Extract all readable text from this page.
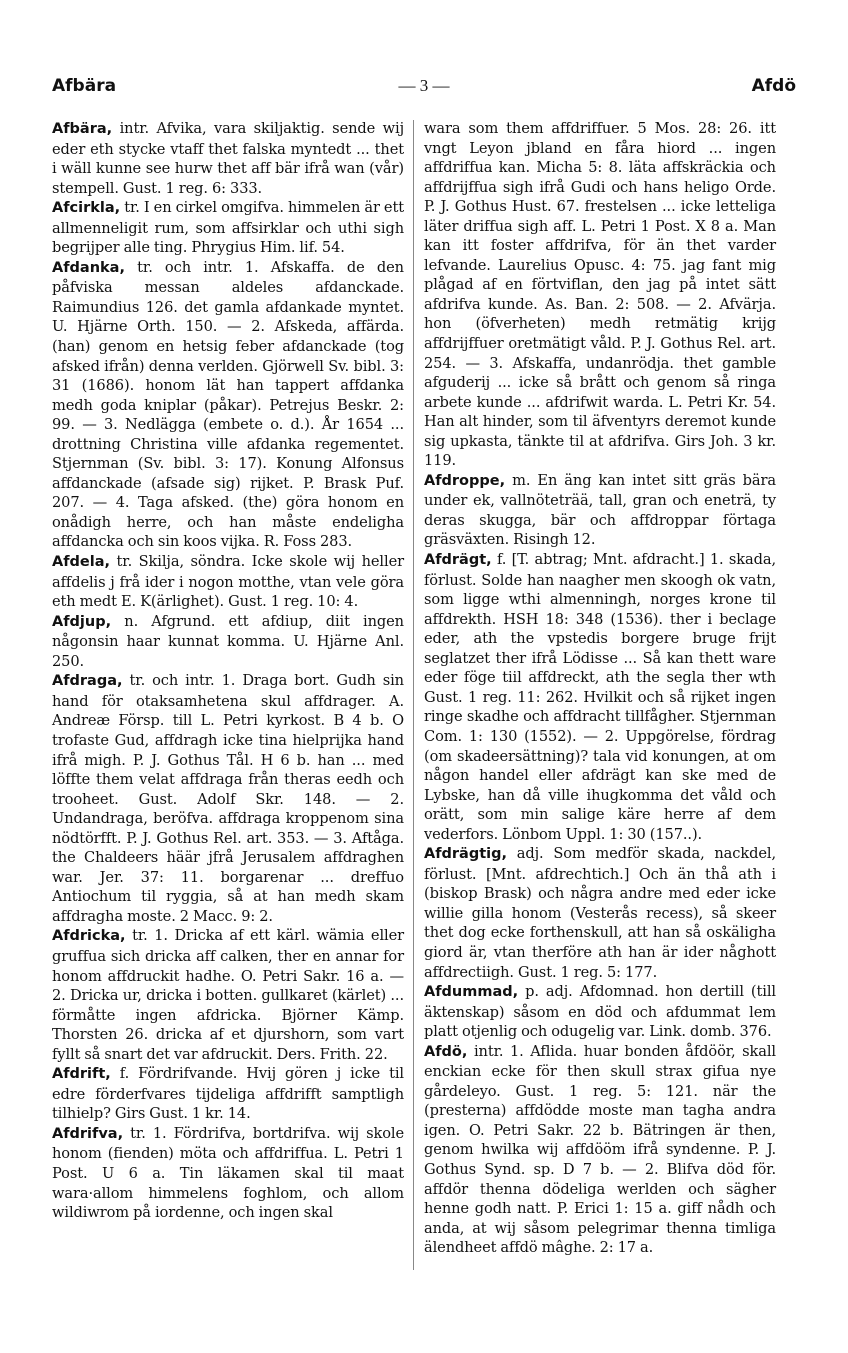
Afbära	— 3 —	Afdö

Afbära, intr. Afvika, vara skiljaktig. sende wij eder eth stycke vtaff thet falska myntedt ... thet i wäll kunne see hurw thet aff bär ifrå wan (vår) stempell. Gust. 1 reg. 6: 333.

Afcirkla, tr. I en cirkel omgifva. himmelen är ett allmenneligit rum, som affsirklar och uthi sigh begrijper alle ting. Phrygius Him. lif. 54.

Afdanka, tr. och intr. 1. Afskaffa. de den påfviska messan aldeles afdanckade. Raimundius 126. det gamla afdankade myntet. U. Hjärne Orth. 150. — 2. Afskeda, affärda. (han) genom en hetsig feber afdanckade (tog afsked ifrån) denna verlden. Gjörwell Sv. bibl. 3: 31 (1686). honom lät han tappert affdanka medh goda kniplar (påkar). Petrejus Beskr. 2: 99. — 3. Nedlägga (embete o. d.). År 1654 ... drottning Christina ville afdanka regementet. Stjernman (Sv. bibl. 3: 17). Konung Alfonsus affdanckade (afsade sig) rijket. P. Brask Puf. 207. — 4. Taga afsked. (the) göra honom en onådigh herre, och han måste endeligha affdancka och sin koos vijka. R. Foss 283.

Afdela, tr. Skilja, söndra. Icke skole wij heller affdelis j frå ider i nogon motthe, vtan vele göra eth medt E. K(ärlighet). Gust. 1 reg. 10: 4.

Afdjup, n. Afgrund. ett afdiup, diit ingen någonsin haar kunnat komma. U. Hjärne Anl. 250.

Afdraga, tr. och intr. 1. Draga bort. Gudh sin hand för otaksamhetena skul affdrager. A. Andreæ Försp. till L. Petri kyrkost. B 4 b. O trofaste Gud, affdragh icke tina hielprijka hand ifrå migh. P. J. Gothus Tål. H 6 b. han ... med löffte them velat affdraga från theras eedh och trooheet. Gust. Adolf Skr. 148. — 2. Undandraga, beröfva. affdraga kroppenom sina nödtörfft. P. J. Gothus Rel. art. 353. — 3. Aftåga. the Chaldeers häär jfrå Jerusalem affdraghen war. Jer. 37: 11. borgarenar ... dreffuo Antiochum til ryggia, så at han medh skam affdragha moste. 2 Macc. 9: 2.

Afdricka, tr. 1. Dricka af ett kärl. wämia eller gruffua sich dricka aff calken, ther en annar for honom affdruckit hadhe. O. Petri Sakr. 16 a. — 2. Dricka ur, dricka i botten. gullkaret (kärlet) ... förmåtte ingen afdricka. Björner Kämp. Thorsten 26. dricka af et djurshorn, som vart fyllt så snart det var afdruckit. Ders. Frith. 22.

Afdrift, f. Fördrifvande. Hvij gören j icke til edre förderfvares tijdeliga affdrifft samptligh tilhielp? Girs Gust. 1 kr. 14.

Afdrifva, tr. 1. Fördrifva, bortdrifva. wij skole honom (fienden) möta och affdriffua. L. Petri 1 Post. U 6 a. Tin läkamen skal til maat wara·allom himmelens foghlom, och allom wildiwrom på iordenne, och ingen skal

wara som them affdriffuer. 5 Mos. 28: 26. itt vngt Leyon jbland en fåra hiord ... ingen affdriffua kan. Micha 5: 8. läta affskräckia och affdrijffua sigh ifrå Gudi och hans heligo Orde. P. J. Gothus Hust. 67. frestelsen ... icke letteliga läter driffua sigh aff. L. Petri 1 Post. X 8 a. Man kan itt foster affdrifva, för än thet varder lefvande. Laurelius Opusc. 4: 75. jag fant mig plågad af en förtviflan, den jag på intet sätt afdrifva kunde. As. Ban. 2: 508. — 2. Afvärja. hon (öfverheten) medh retmätig krijg affdrijffuer oretmätigt våld. P. J. Gothus Rel. art. 254. — 3. Afskaffa, undanrödja. thet gamble afguderij ... icke så brått och genom så ringa arbete kunde ... afdrifwit warda. L. Petri Kr. 54. Han alt hinder, som til äfventyrs deremot kunde sig upkasta, tänkte til at afdrifva. Girs Joh. 3 kr. 119.

Afdroppe, m. En äng kan intet sitt gräs bära under ek, vallnöteträä, tall, gran och eneträ, ty deras skugga, bär och affdroppar förtaga gräsväxten. Risingh 12.

Afdrägt, f. [T. abtrag; Mnt. afdracht.] 1. skada, förlust. Solde han naagher men skoogh ok vatn, som ligge wthi almenningh, norges krone til affdrekth. HSH 18: 348 (1536). ther i beclage eder, ath the vpstedis borgere bruge frijt seglatzet ther ifrå Lödisse ... Så kan thett ware eder föge tiil affdreckt, ath the segla ther wth Gust. 1 reg. 11: 262. Hvilkit och så rijket ingen ringe skadhe och affdracht tillfågher. Stjernman Com. 1: 130 (1552). — 2. Uppgörelse, fördrag (om skadeersättning)? tala vid konungen, at om någon handel eller afdrägt kan ske med de Lybske, han då ville ihugkomma det våld och orätt, som min salige käre herre af dem vederfors. Lönbom Uppl. 1: 30 (157..).

Afdrägtig, adj. Som medför skada, nackdel, förlust. [Mnt. afdrechtich.] Och än thå ath i (biskop Brask) och några andre med eder icke willie gilla honom (Vesterås recess), så skeer thet dog ecke forthenskull, att han så oskäligha giord är, vtan therföre ath han är ider någhott affdrectiigh. Gust. 1 reg. 5: 177.

Afdummad, p. adj. Afdomnad. hon dertill (till äktenskap) såsom en död och afdummat lem platt otjenlig och odugelig var. Link. domb. 376.

Afdö, intr. 1. Aflida. huar bonden åfdöör, skall enckian ecke för then skull strax gifua nye gårdeleyo. Gust. 1 reg. 5: 121. när the (presterna) affdödde moste man tagha andra igen. O. Petri Sakr. 22 b. Bätringen är then, genom hwilka wij affdööm ifrå syndenne. P. J. Gothus Synd. sp. D 7 b. — 2. Blifva död för. affdör thenna dödeliga werlden och sägher henne godh natt. P. Erici 1: 15 a. giff nådh och anda, at wij såsom pelegrimar thenna timliga älendheet affdö mâghe. 2: 17 a.
